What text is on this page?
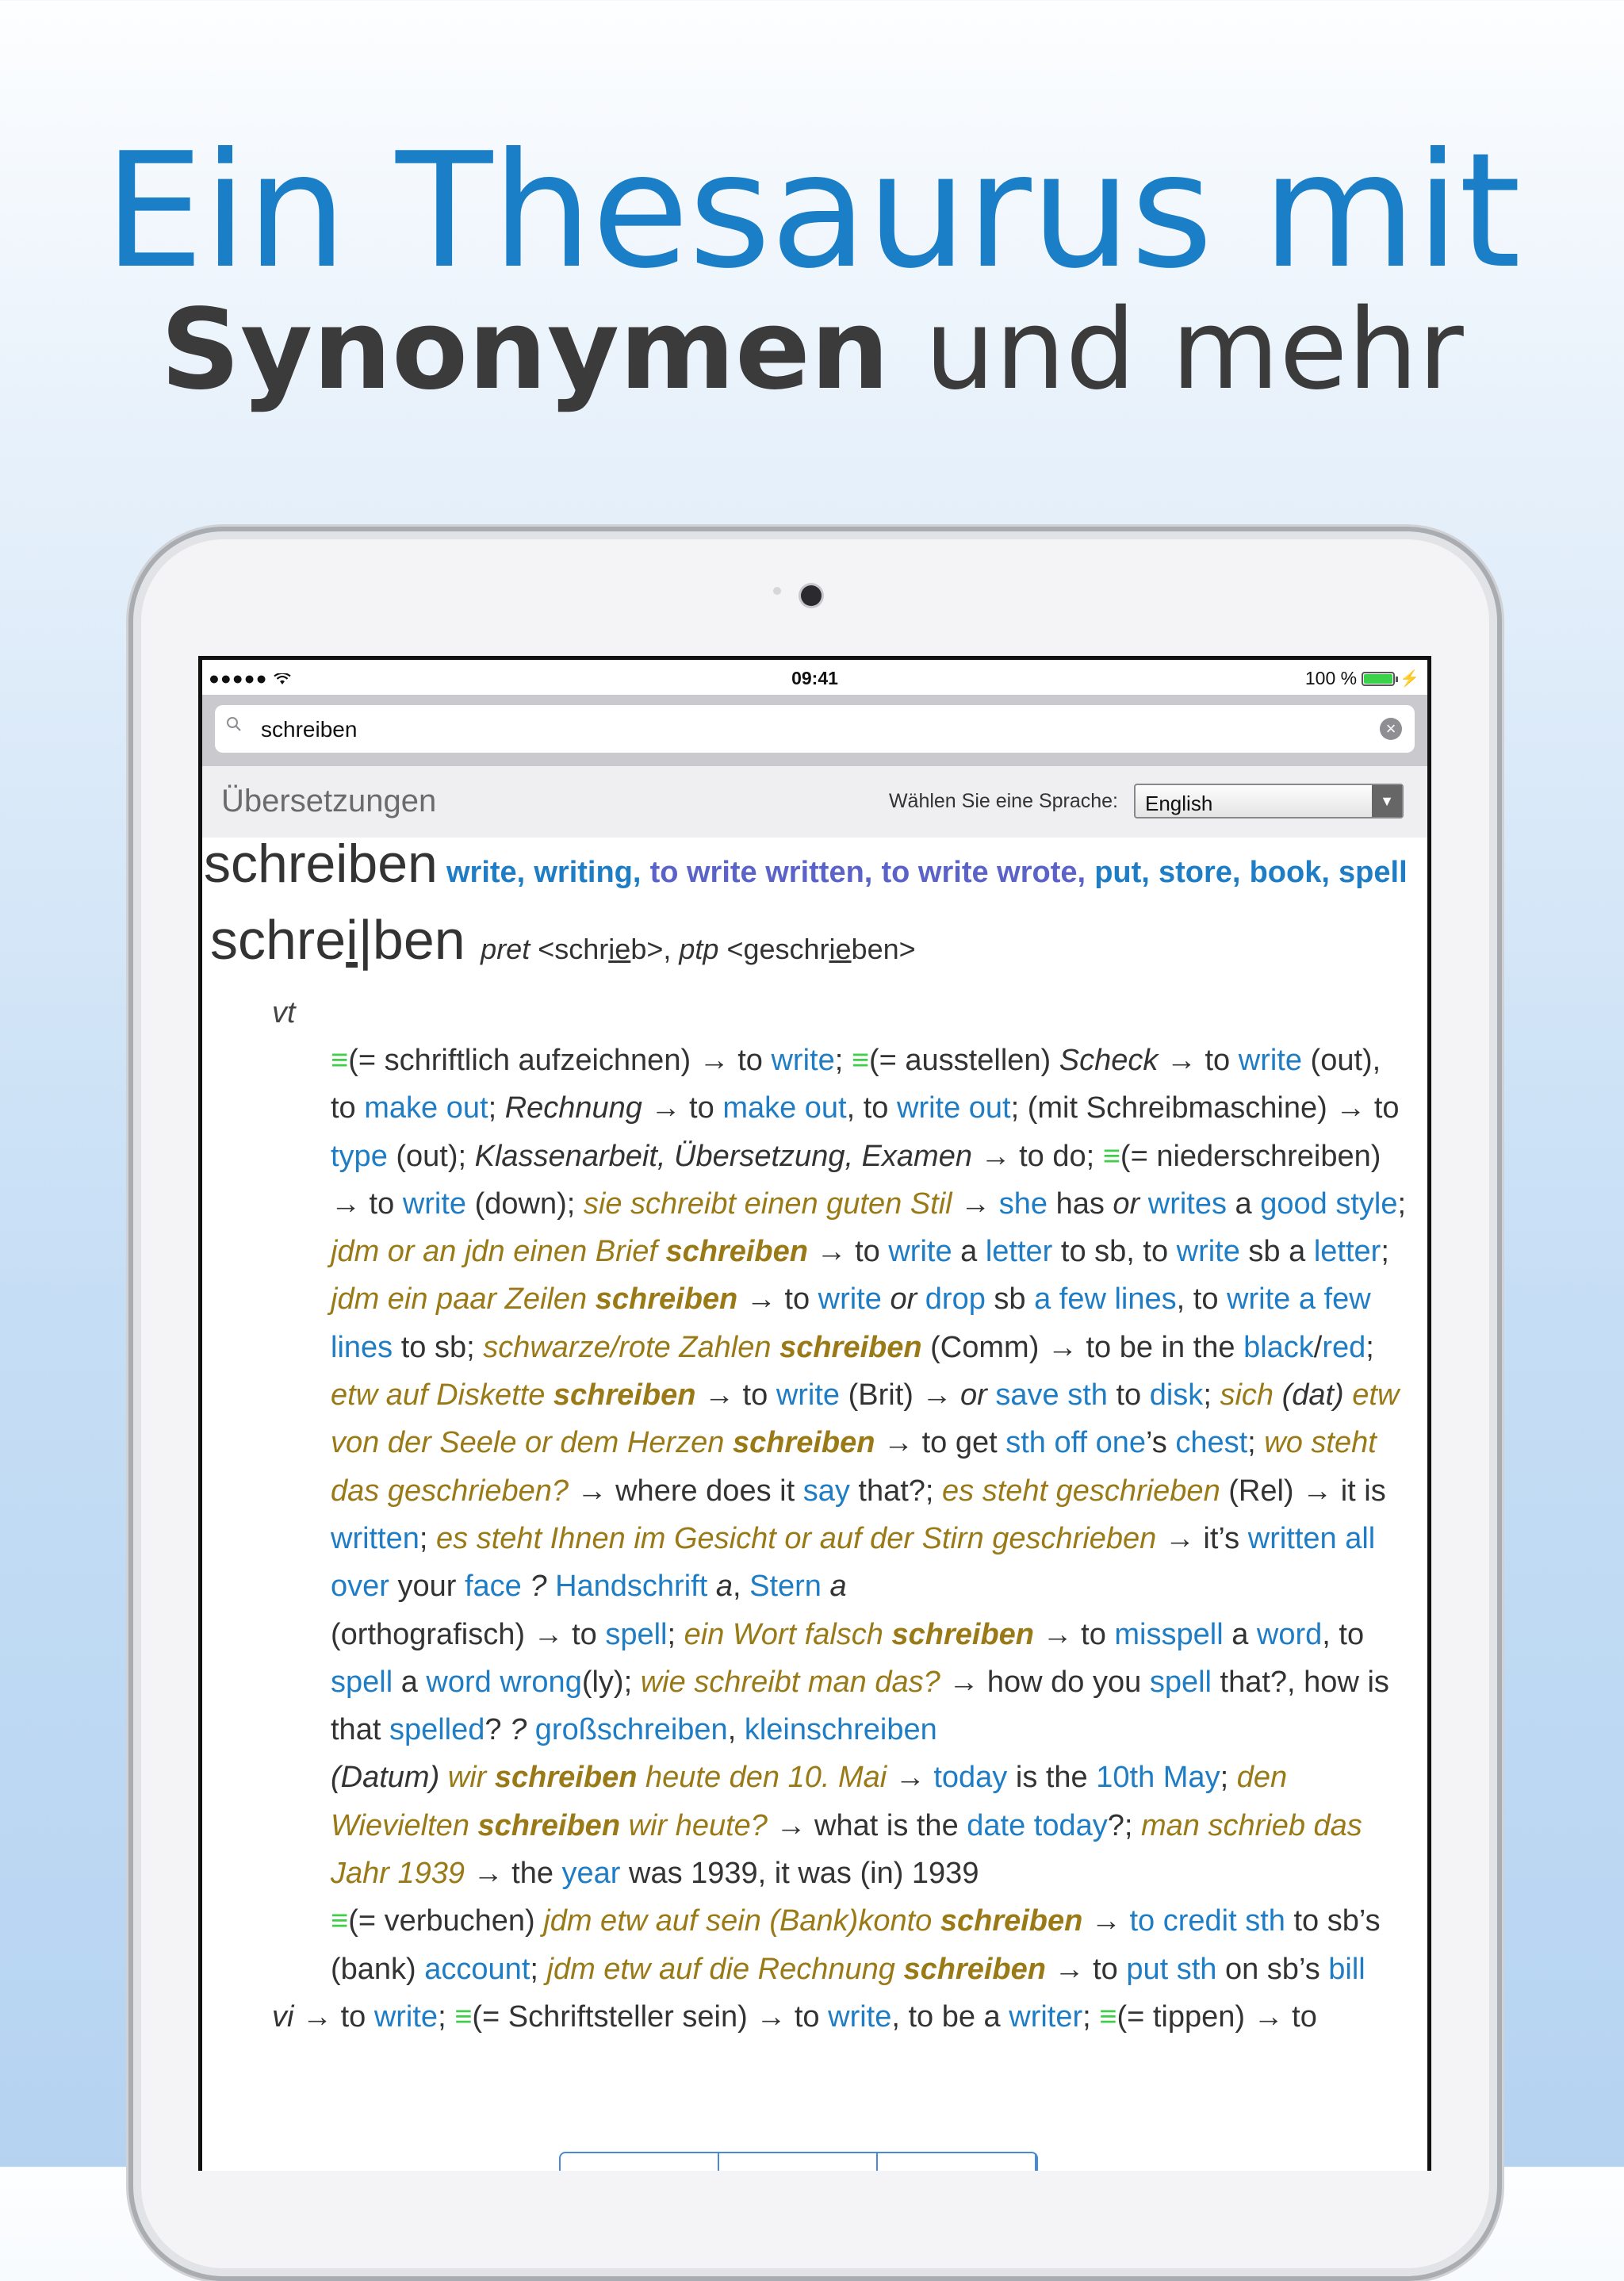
Ein Thesaurus mit
Synonymen und mehr
●●●●●	09:41	100 %	⚡
schreiben
×
Übersetzungen	Wählen Sie eine Sprache: English	▼
schreiben write, writing, to write written, to write wrote, put, store, book, spell
schrei|ben pret <schrieb>, ptp <geschrieben>
vt
≡(= schriftlich aufzeichnen) → to write; ≡(= ausstellen) Scheck → to write (out), to make out; Rechnung → to make out, to write out; (mit Schreibmaschine) → to type (out); Klassenarbeit, Übersetzung, Examen → to do; ≡(= niederschreiben) → to write (down); sie schreibt einen guten Stil → she has or writes a good style; jdm or an jdn einen Brief schreiben → to write a letter to sb, to write sb a letter; jdm ein paar Zeilen schreiben → to write or drop sb a few lines, to write a few lines to sb; schwarze/rote Zahlen schreiben (Comm) → to be in the black/red; etw auf Diskette schreiben → to write (Brit) → or save sth to disk; sich (dat) etw von der Seele or dem Herzen schreiben → to get sth off one’s chest; wo steht das geschrieben? → where does it say that?; es steht geschrieben (Rel) → it is written; es steht Ihnen im Gesicht or auf der Stirn geschrieben → it’s written all over your face ? Handschrift a, Stern a
(orthografisch) → to spell; ein Wort falsch schreiben → to misspell a word, to spell a word wrong(ly); wie schreibt man das? → how do you spell that?, how is that spelled? ? großschreiben, kleinschreiben
(Datum) wir schreiben heute den 10. Mai → today is the 10th May; den Wievielten schreiben wir heute? → what is the date today?; man schrieb das Jahr 1939 → the year was 1939, it was (in) 1939
≡(= verbuchen) jdm etw auf sein (Bank)konto schreiben → to credit sth to sb’s (bank) account; jdm etw auf die Rechnung schreiben → to put sth on sb’s bill
vi → to write; ≡(= Schriftsteller sein) → to write, to be a writer; ≡(= tippen) → to
